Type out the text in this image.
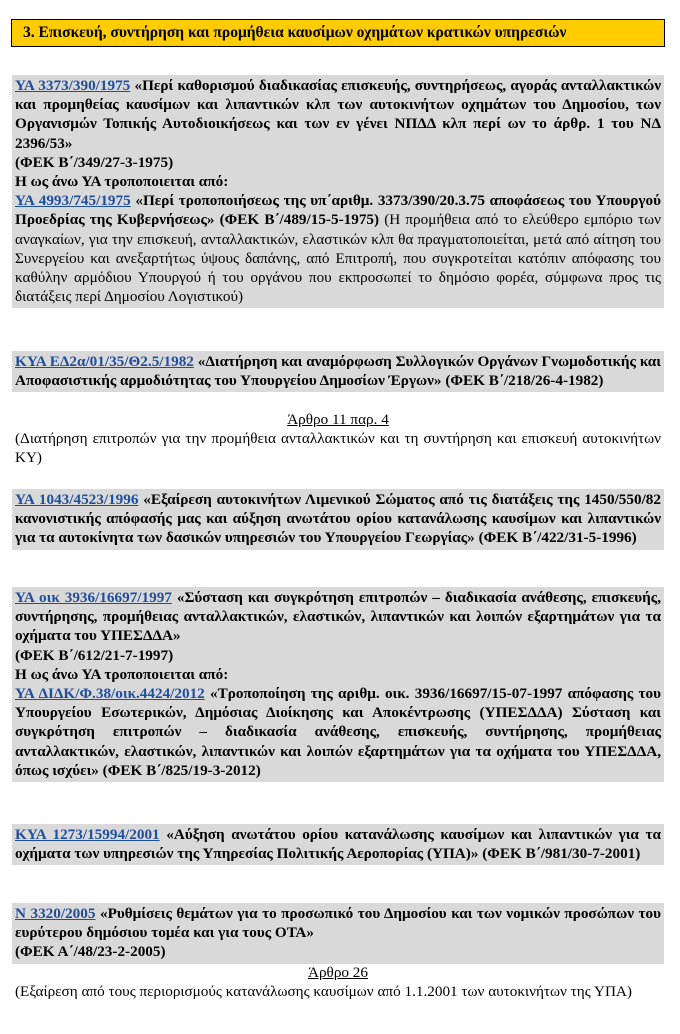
3. Επισκευή, συντήρηση και προμήθεια καυσίμων οχημάτων κρατικών υπηρεσιών

ΥΑ 3373/390/1975 «Περί καθορισμού διαδικασίας επισκευής, συντηρήσεως, αγοράς ανταλλακτικών και προμηθείας καυσίμων και λιπαντικών κλπ των αυτοκινήτων οχημάτων του Δημοσίου, των Οργανισμών Τοπικής Αυτοδιοικήσεως και των εν γένει ΝΠΔΔ κλπ περί ων το άρθρ. 1 του ΝΔ 2396/53»

(ΦΕΚ Β΄/349/27-3-1975)

Η ως άνω ΥΑ τροποποιειται από:

ΥΑ 4993/745/1975 «Περί τροποποιήσεως της υπ΄αριθμ. 3373/390/20.3.75 αποφάσεως του Υπουργού Προεδρίας της Κυβερνήσεως» (ΦΕΚ Β΄/489/15-5-1975) (Η προμήθεια από το ελεύθερο εμπόριο των αναγκαίων, για την επισκευή, ανταλλακτικών, ελαστικών κλπ θα πραγματοποιείται, μετά από αίτηση του Συνεργείου και ανεξαρτήτως ύψους δαπάνης, από Επιτροπή, που συγκροτείται κατόπιν απόφασης του καθύλην αρμόδιου Υπουργού ή του οργάνου που εκπροσωπεί το δημόσιο φορέα, σύμφωνα προς τις διατάξεις περί Δημοσίου Λογιστικού)

ΚΥΑ ΕΔ2α/01/35/Θ2.5/1982 «Διατήρηση και αναμόρφωση Συλλογικών Οργάνων Γνωμοδοτικής και Αποφασιστικής αρμοδιότητας του Υπουργείου Δημοσίων Έργων» (ΦΕΚ Β΄/218/26-4-1982)

Άρθρο 11 παρ. 4

(Διατήρηση επιτροπών για την προμήθεια ανταλλακτικών και τη συντήρηση και επισκευή αυτοκινήτων ΚΥ)

ΥΑ 1043/4523/1996 «Εξαίρεση αυτοκινήτων Λιμενικού Σώματος από τις διατάξεις της 1450/550/82 κανονιστικής απόφασής μας και αύξηση ανωτάτου ορίου κατανάλωσης καυσίμων και λιπαντικών για τα αυτοκίνητα των δασικών υπηρεσιών του Υπουργείου Γεωργίας» (ΦΕΚ Β΄/422/31-5-1996)

ΥΑ οικ 3936/16697/1997 «Σύσταση και συγκρότηση επιτροπών – διαδικασία ανάθεσης, επισκευής, συντήρησης, προμήθειας ανταλλακτικών, ελαστικών, λιπαντικών και λοιπών εξαρτημάτων για τα οχήματα του ΥΠΕΣΔΔΑ»

(ΦΕΚ Β΄/612/21-7-1997)

Η ως άνω ΥΑ τροποποιειται από:

ΥΑ ΔΙΔΚ/Φ.38/οικ.4424/2012 «Τροποποίηση της αριθμ. οικ. 3936/16697/15-07-1997 απόφασης του Υπουργείου Εσωτερικών, Δημόσιας Διοίκησης και Αποκέντρωσης (ΥΠΕΣΔΔΑ) Σύσταση και συγκρότηση επιτροπών – διαδικασία ανάθεσης, επισκευής, συντήρησης, προμήθειας ανταλλακτικών, ελαστικών, λιπαντικών και λοιπών εξαρτημάτων για τα οχήματα του ΥΠΕΣΔΔΑ, όπως ισχύει» (ΦΕΚ Β΄/825/19-3-2012)

ΚΥΑ 1273/15994/2001 «Αύξηση ανωτάτου ορίου κατανάλωσης καυσίμων και λιπαντικών για τα οχήματα των υπηρεσιών της Υπηρεσίας Πολιτικής Αεροπορίας (ΥΠΑ)» (ΦΕΚ Β΄/981/30-7-2001)

Ν 3320/2005 «Ρυθμίσεις θεμάτων για το προσωπικό του Δημοσίου και των νομικών προσώπων του ευρύτερου δημόσιου τομέα και για τους ΟΤΑ»

(ΦΕΚ Α΄/48/23-2-2005)

Άρθρο 26

(Εξαίρεση από τους περιορισμούς κατανάλωσης καυσίμων από 1.1.2001 των αυτοκινήτων της ΥΠΑ)
